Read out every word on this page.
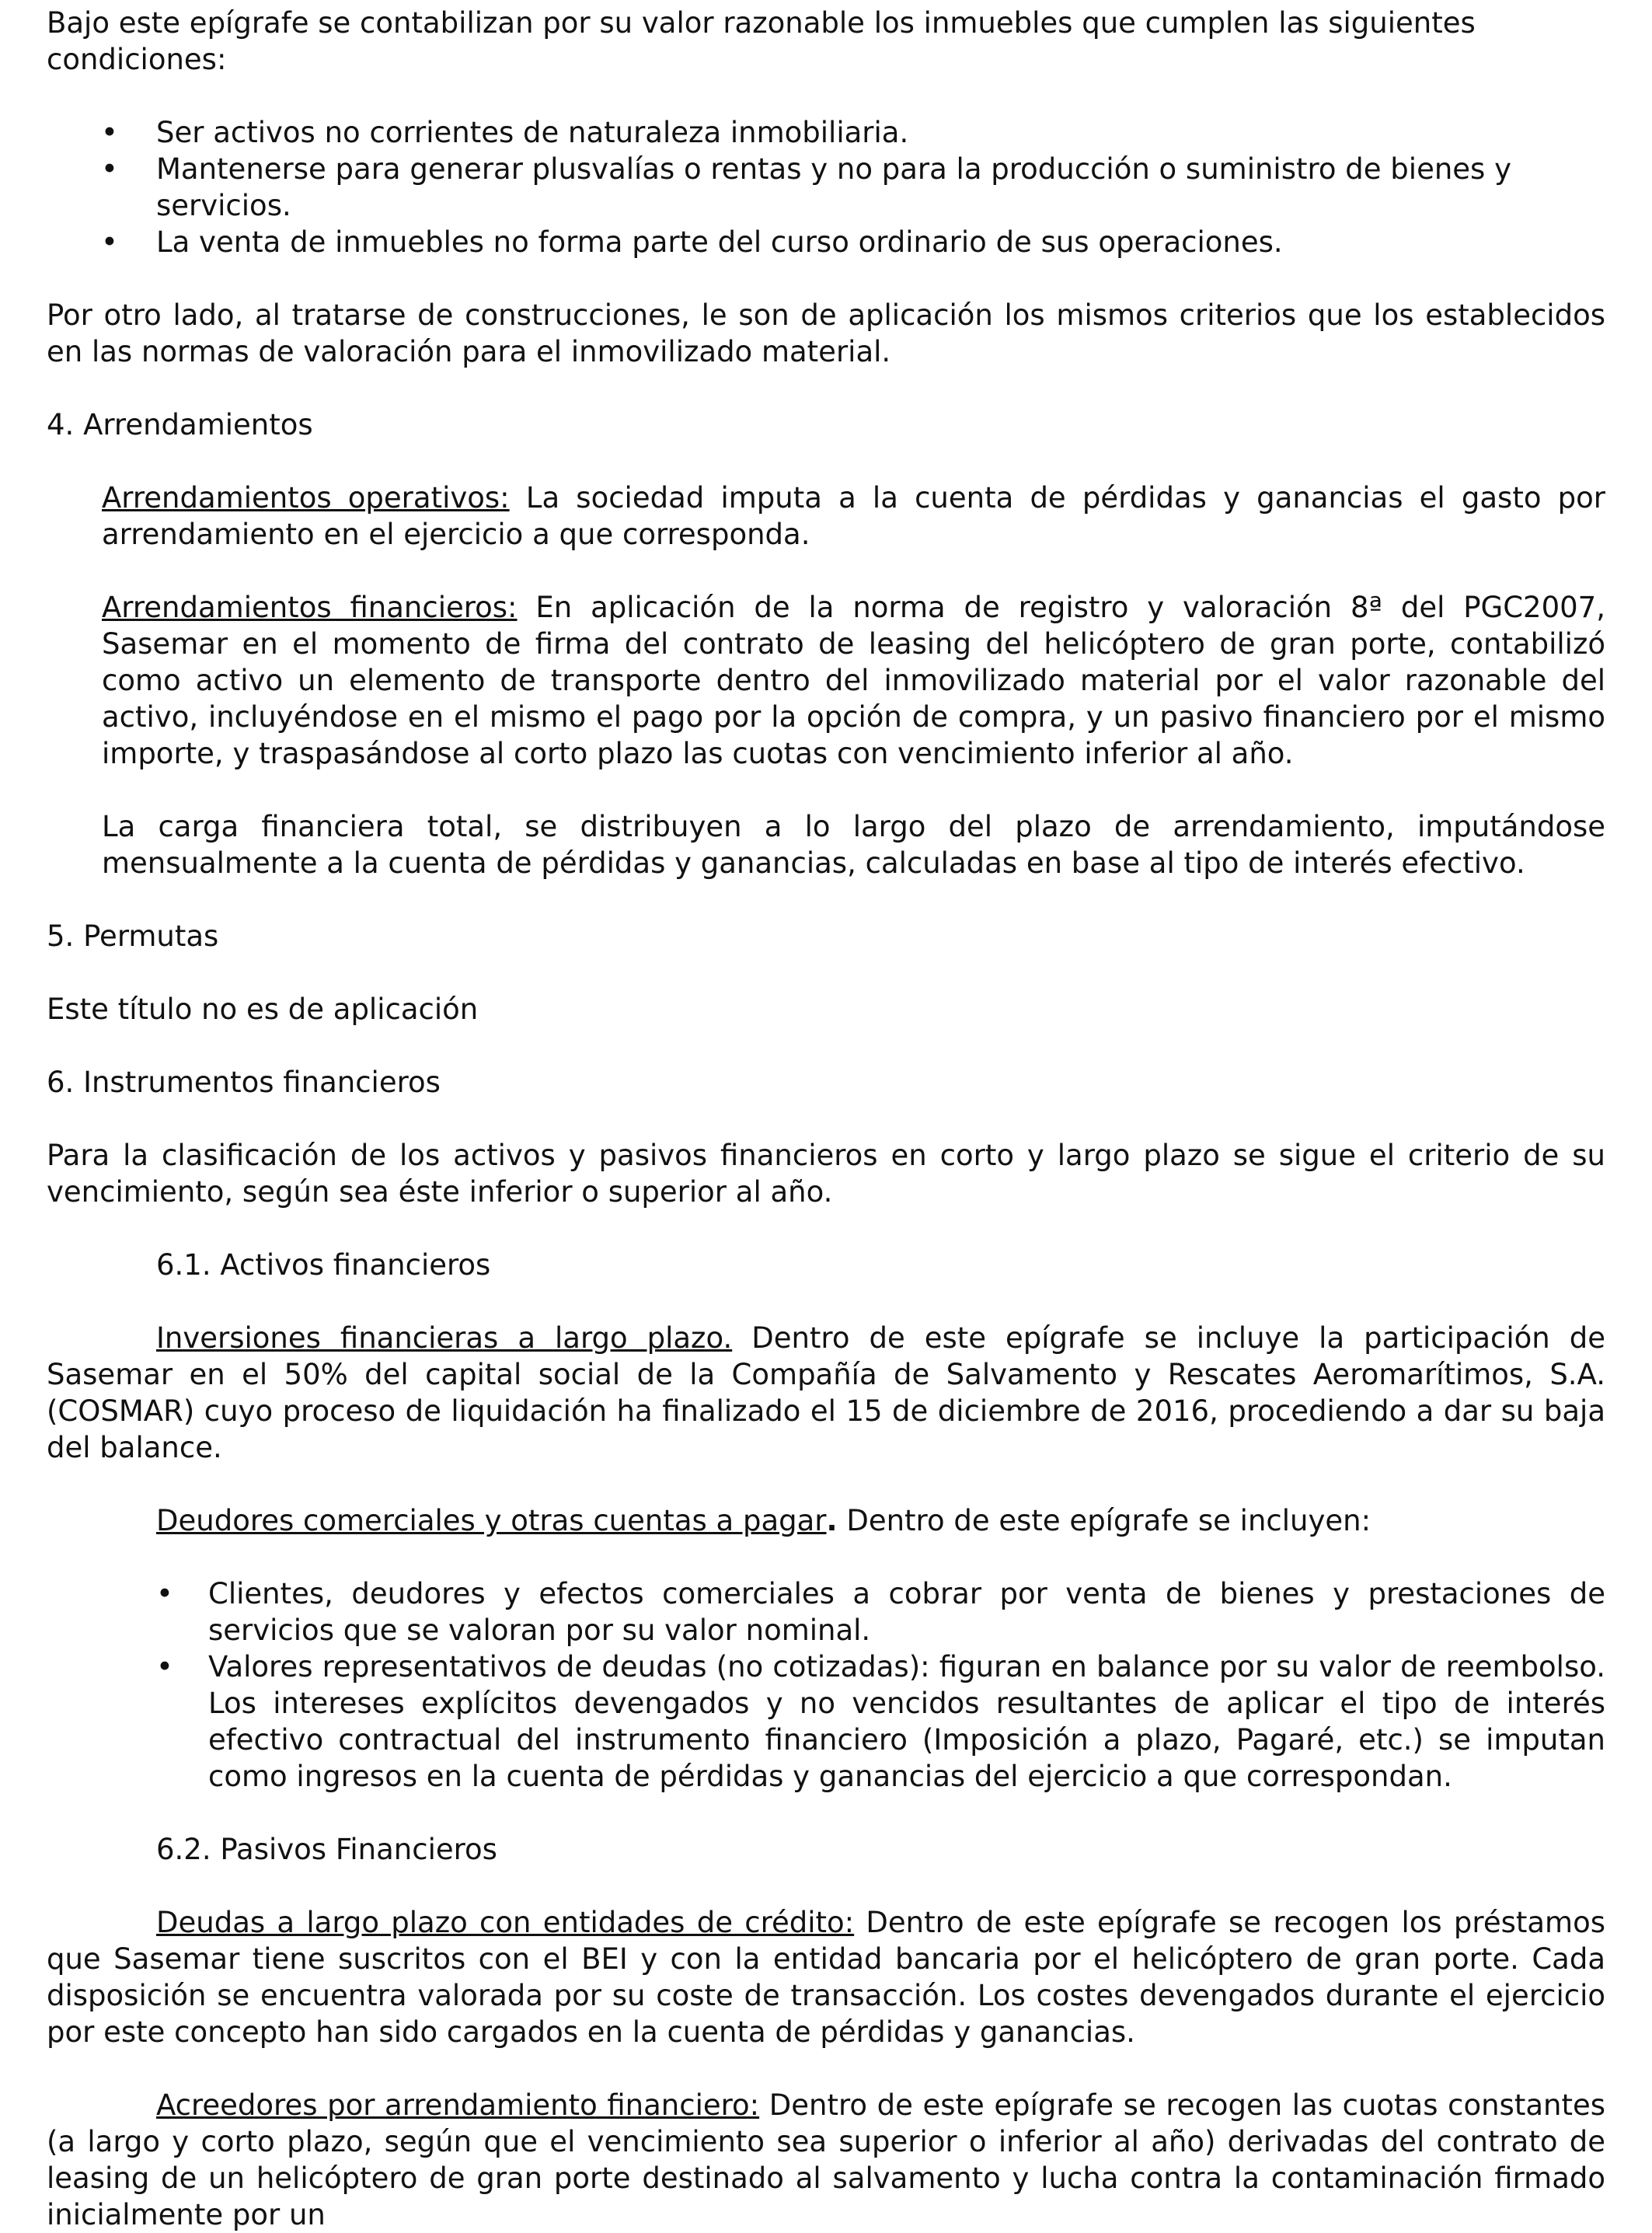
Bajo este epígrafe se contabilizan por su valor razonable los inmuebles que cumplen las siguientes condiciones:

• Ser activos no corrientes de naturaleza inmobiliaria.
• Mantenerse para generar plusvalías o rentas y no para la producción o suministro de bienes y servicios.
• La venta de inmuebles no forma parte del curso ordinario de sus operaciones.

Por otro lado, al tratarse de construcciones, le son de aplicación los mismos criterios que los establecidos en las normas de valoración para el inmovilizado material.

4. Arrendamientos

Arrendamientos operativos: La sociedad imputa a la cuenta de pérdidas y ganancias el gasto por arrendamiento en el ejercicio a que corresponda.

Arrendamientos financieros: En aplicación de la norma de registro y valoración 8ª del PGC2007, Sasemar en el momento de firma del contrato de leasing del helicóptero de gran porte, contabilizó como activo un elemento de transporte dentro del inmovilizado material por el valor razonable del activo, incluyéndose en el mismo el pago por la opción de compra, y un pasivo financiero por el mismo importe, y traspasándose al corto plazo las cuotas con vencimiento inferior al año.

La carga financiera total, se distribuyen a lo largo del plazo de arrendamiento, imputándose mensualmente a la cuenta de pérdidas y ganancias, calculadas en base al tipo de interés efectivo.

5. Permutas

Este título no es de aplicación

6. Instrumentos financieros

Para la clasificación de los activos y pasivos financieros en corto y largo plazo se sigue el criterio de su vencimiento, según sea éste inferior o superior al año.

6.1. Activos financieros

Inversiones financieras a largo plazo. Dentro de este epígrafe se incluye la participación de Sasemar en el 50% del capital social de la Compañía de Salvamento y Rescates Aeromarítimos, S.A. (COSMAR) cuyo proceso de liquidación ha finalizado el 15 de diciembre de 2016, procediendo a dar su baja del balance.

Deudores comerciales y otras cuentas a pagar. Dentro de este epígrafe se incluyen:

• Clientes, deudores y efectos comerciales a cobrar por venta de bienes y prestaciones de servicios que se valoran por su valor nominal.
• Valores representativos de deudas (no cotizadas): figuran en balance por su valor de reembolso. Los intereses explícitos devengados y no vencidos resultantes de aplicar el tipo de interés efectivo contractual del instrumento financiero (Imposición a plazo, Pagaré, etc.) se imputan como ingresos en la cuenta de pérdidas y ganancias del ejercicio a que correspondan.

6.2. Pasivos Financieros

Deudas a largo plazo con entidades de crédito: Dentro de este epígrafe se recogen los préstamos que Sasemar tiene suscritos con el BEI y con la entidad bancaria por el helicóptero de gran porte. Cada disposición se encuentra valorada por su coste de transacción. Los costes devengados durante el ejercicio por este concepto han sido cargados en la cuenta de pérdidas y ganancias.

Acreedores por arrendamiento financiero: Dentro de este epígrafe se recogen las cuotas constantes (a largo y corto plazo, según que el vencimiento sea superior o inferior al año) derivadas del contrato de leasing de un helicóptero de gran porte destinado al salvamento y lucha contra la contaminación firmado inicialmente por un
